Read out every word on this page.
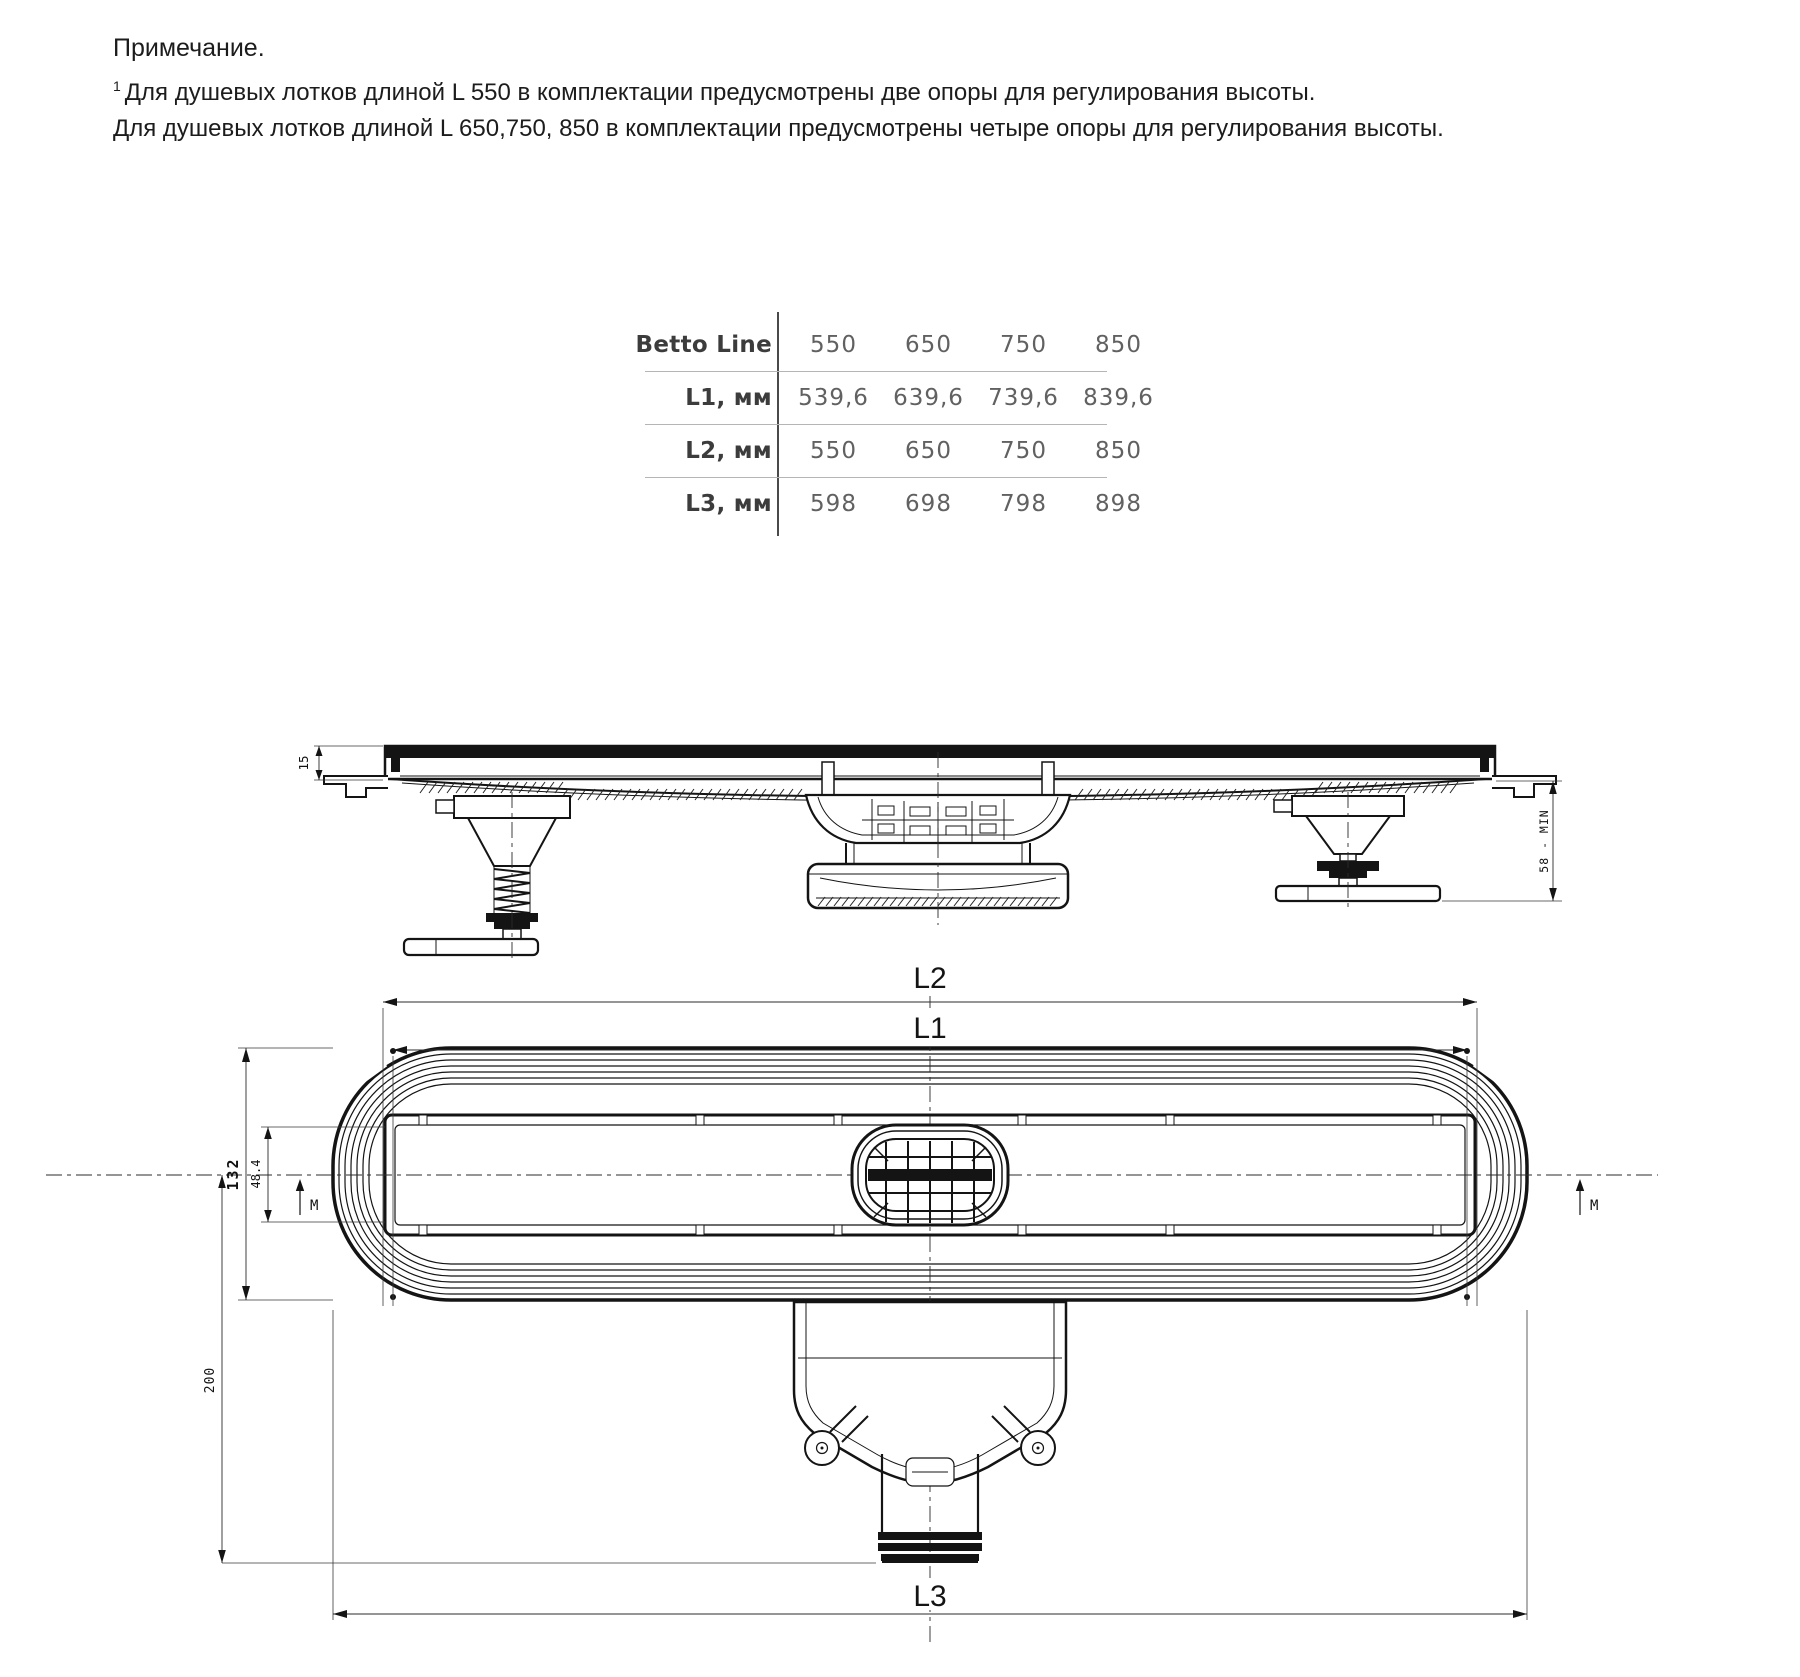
Примечание.
$^1$ Для душевых лотков длиной L 550 в комплектации предусмотрены две опоры для регулирования высоты.
Для душевых лотков длиной L 650,750, 850 в комплектации предусмотрены четыре опоры для регулирования высоты.
Betto Line	550	650	750	850
L1, мм	539,6	639,6	739,6	839,6
L2, мм	550	650	750	850
L3, мм	598	698	798	898
15
58 - MIN
L2
L1
132 48.4
M	M
200
L3
